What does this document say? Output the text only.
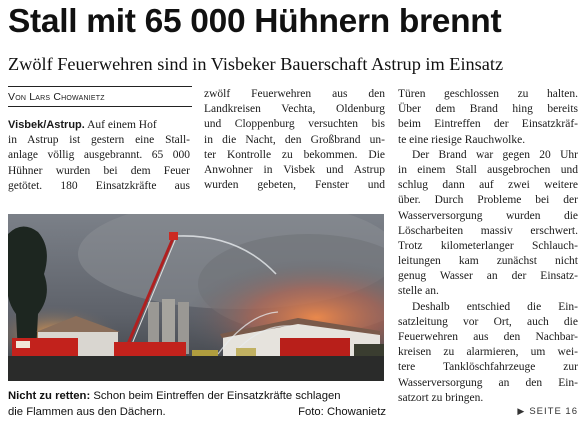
Stall mit 65 000 Hühnern brennt
Zwölf Feuerwehren sind in Visbeker Bauerschaft Astrup im Einsatz
Von Lars Chowanietz
Visbek/Astrup. Auf einem Hof
in Astrup ist gestern eine Stall-
anlage völlig ausgebrannt. 65 000
Hühner wurden bei dem Feuer
getötet. 180 Einsatzkräfte aus
zwölf Feuerwehren aus den
Landkreisen Vechta, Oldenburg
und Cloppenburg versuchten bis
in die Nacht, den Großbrand un-
ter Kontrolle zu bekommen. Die
Anwohner in Visbek und Astrup
wurden gebeten, Fenster und
Türen geschlossen zu halten.
Über dem Brand hing bereits
beim Eintreffen der Einsatzkräf-
te eine riesige Rauchwolke.
Der Brand war gegen 20 Uhr
in einem Stall ausgebrochen und
schlug dann auf zwei weitere
über. Durch Probleme bei der
Wasserversorgung wurden die
Löscharbeiten massiv erschwert.
Trotz kilometerlanger Schlauch-
leitungen kam zunächst nicht
genug Wasser an der Einsatz-
stelle an.
Deshalb entschied die Ein-
satzleitung vor Ort, auch die
Feuerwehren aus den Nachbar-
kreisen zu alarmieren, um wei-
tere Tanklöschfahrzeuge zur
Wasserversorgung an den Ein-
satzort zu bringen.
Nicht zu retten: Schon beim Eintreffen der Einsatzkräfte schlagen
die Flammen aus den Dächern.	Foto: Chowanietz	▶ SEITE 16
